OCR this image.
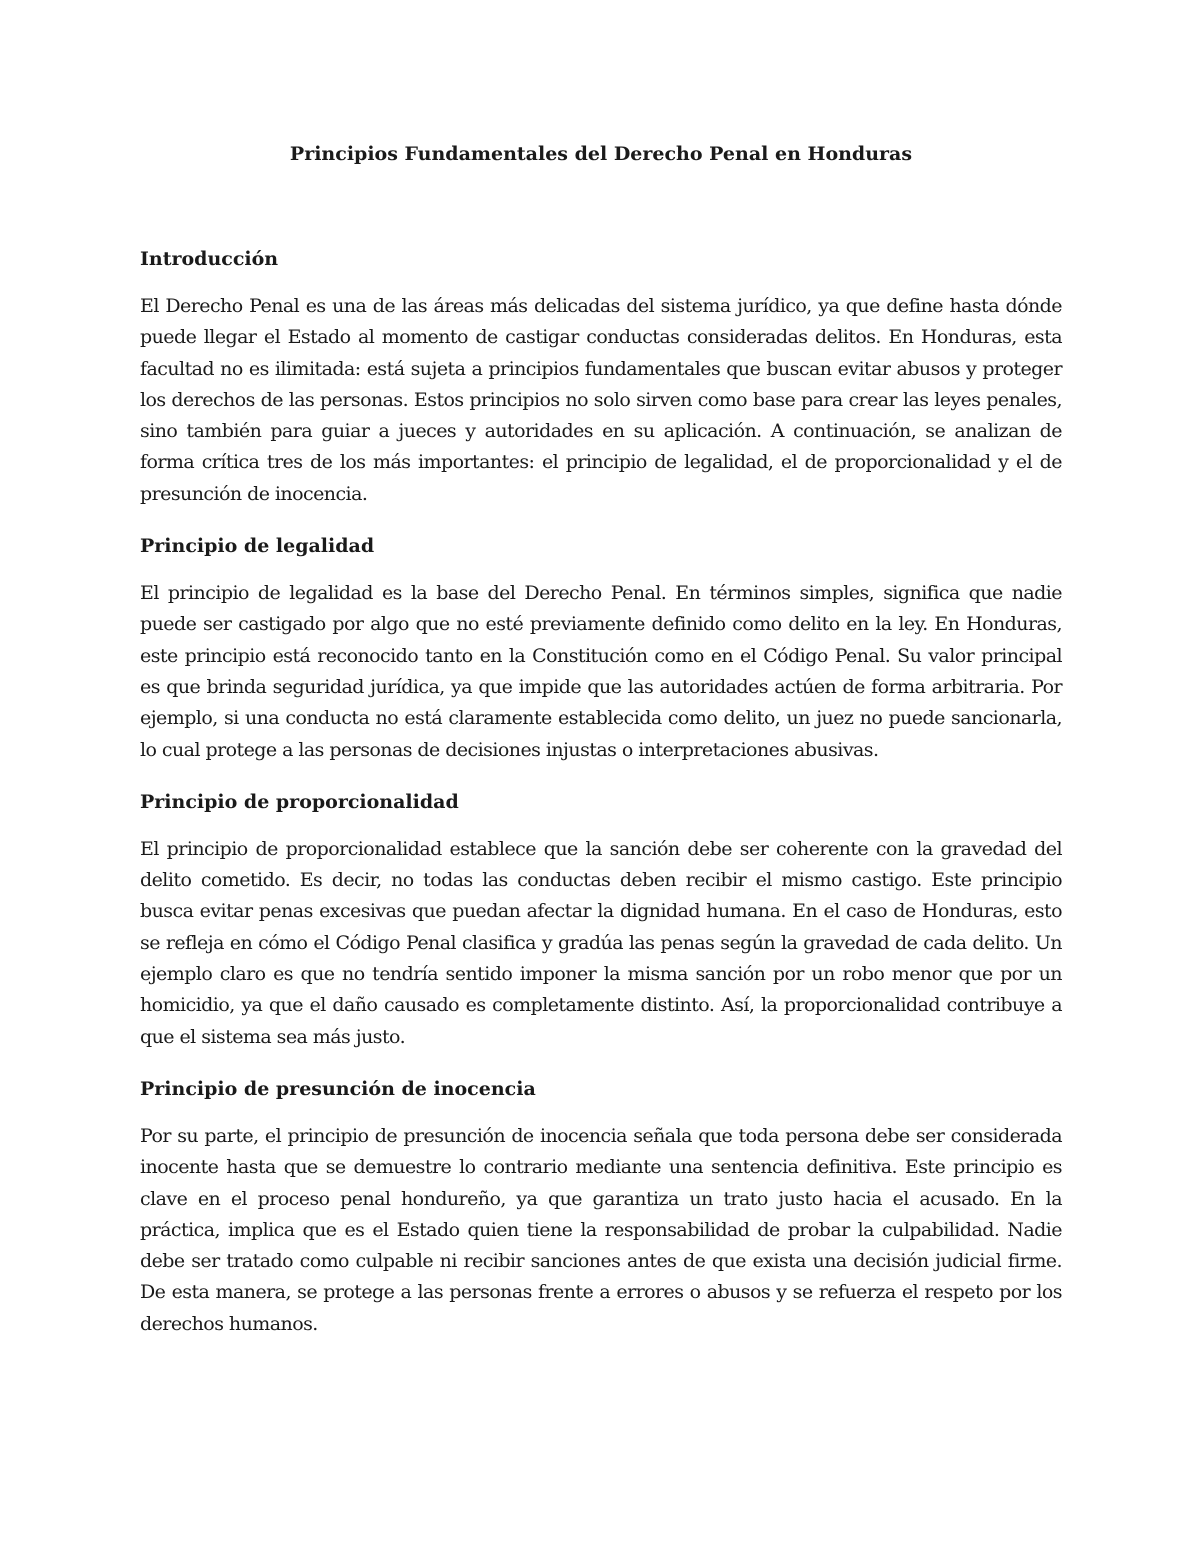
Principios Fundamentales del Derecho Penal en Honduras
Introducción

El Derecho Penal es una de las áreas más delicadas del sistema jurídico, ya que define hasta dónde puede llegar el Estado al momento de castigar conductas consideradas delitos. En Honduras, esta facultad no es ilimitada: está sujeta a principios fundamentales que buscan evitar abusos y proteger los derechos de las personas. Estos principios no solo sirven como base para crear las leyes penales, sino también para guiar a jueces y autoridades en su aplicación. A continuación, se analizan de forma crítica tres de los más importantes: el principio de legalidad, el de proporcionalidad y el de presunción de inocencia.

Principio de legalidad

El principio de legalidad es la base del Derecho Penal. En términos simples, significa que nadie puede ser castigado por algo que no esté previamente definido como delito en la ley. En Honduras, este principio está reconocido tanto en la Constitución como en el Código Penal. Su valor principal es que brinda seguridad jurídica, ya que impide que las autoridades actúen de forma arbitraria. Por ejemplo, si una conducta no está claramente establecida como delito, un juez no puede sancionarla, lo cual protege a las personas de decisiones injustas o interpretaciones abusivas.

Principio de proporcionalidad

El principio de proporcionalidad establece que la sanción debe ser coherente con la gravedad del delito cometido. Es decir, no todas las conductas deben recibir el mismo castigo. Este principio busca evitar penas excesivas que puedan afectar la dignidad humana. En el caso de Honduras, esto se refleja en cómo el Código Penal clasifica y gradúa las penas según la gravedad de cada delito. Un ejemplo claro es que no tendría sentido imponer la misma sanción por un robo menor que por un homicidio, ya que el daño causado es completamente distinto. Así, la proporcionalidad contribuye a que el sistema sea más justo.

Principio de presunción de inocencia

Por su parte, el principio de presunción de inocencia señala que toda persona debe ser considerada inocente hasta que se demuestre lo contrario mediante una sentencia definitiva. Este principio es clave en el proceso penal hondureño, ya que garantiza un trato justo hacia el acusado. En la práctica, implica que es el Estado quien tiene la responsabilidad de probar la culpabilidad. Nadie debe ser tratado como culpable ni recibir sanciones antes de que exista una decisión judicial firme. De esta manera, se protege a las personas frente a errores o abusos y se refuerza el respeto por los derechos humanos.
